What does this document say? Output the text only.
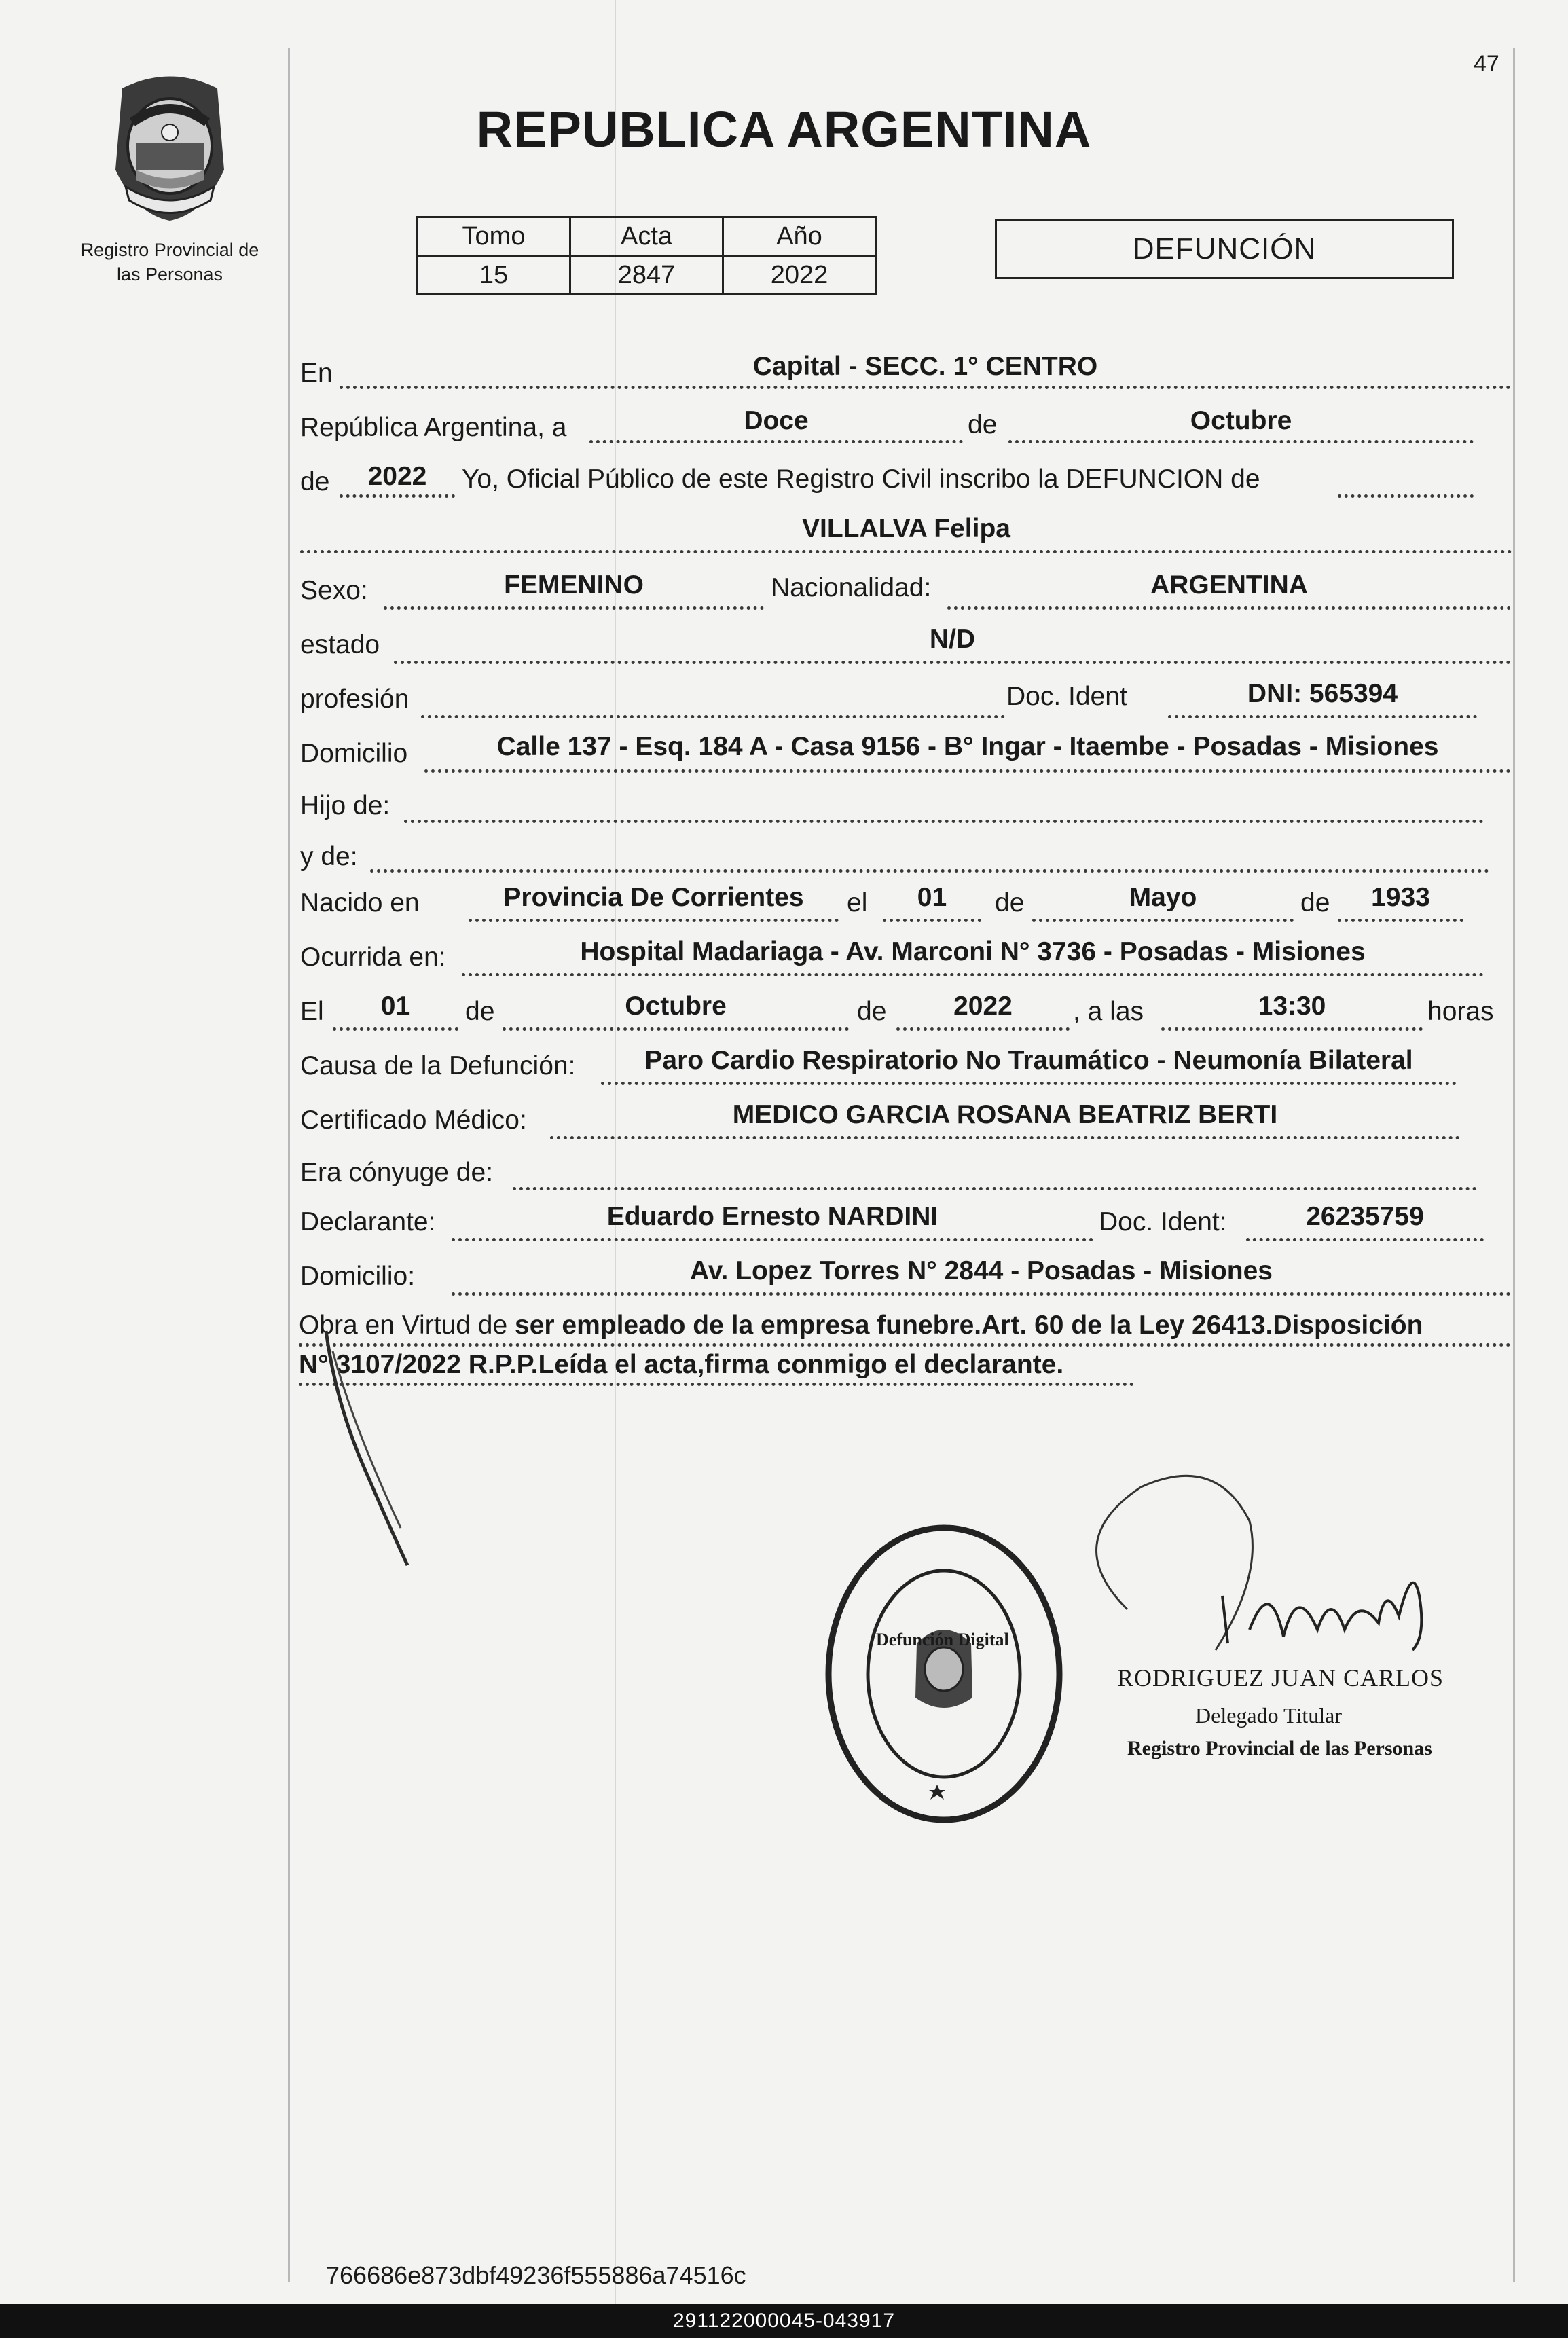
47
Registro Provincial de
las Personas
REPUBLICA ARGENTINA
Tomo	Acta	Año
15	2847	2022
DEFUNCIÓN
En	Capital - SECC. 1° CENTRO
República Argentina, a	Doce	de	Octubre
de	2022	Yo, Oficial Público de este Registro Civil inscribo la DEFUNCION de
VILLALVA Felipa
Sexo:	FEMENINO	Nacionalidad:	ARGENTINA
estado	N/D
profesión	Doc. Ident	DNI: 565394
Domicilio	Calle 137 - Esq. 184 A - Casa 9156 - B° Ingar - Itaembe - Posadas - Misiones
Hijo de:
y de:
Nacido en	Provincia De Corrientes	el	01	de	Mayo	de	1933
Ocurrida en:	Hospital Madariaga - Av. Marconi N° 3736 - Posadas - Misiones
El	01	de	Octubre	de	2022	, a las	13:30	horas
Causa de la Defunción:	Paro Cardio Respiratorio No Traumático - Neumonía Bilateral
Certificado Médico:	MEDICO GARCIA ROSANA BEATRIZ BERTI
Era cónyuge de:
Declarante:	Eduardo Ernesto NARDINI	Doc. Ident:	26235759
Domicilio:	Av. Lopez Torres N° 2844 - Posadas - Misiones
Obra en Virtud de ser empleado de la empresa funebre.Art. 60 de la Ley 26413.Disposición
N° 3107/2022 R.P.P.Leída el acta,firma conmigo el declarante.
Defunción Digital
RODRIGUEZ JUAN CARLOS
Delegado Titular
Registro Provincial de las Personas
766686e873dbf49236f555886a74516c
291122000045-043917
